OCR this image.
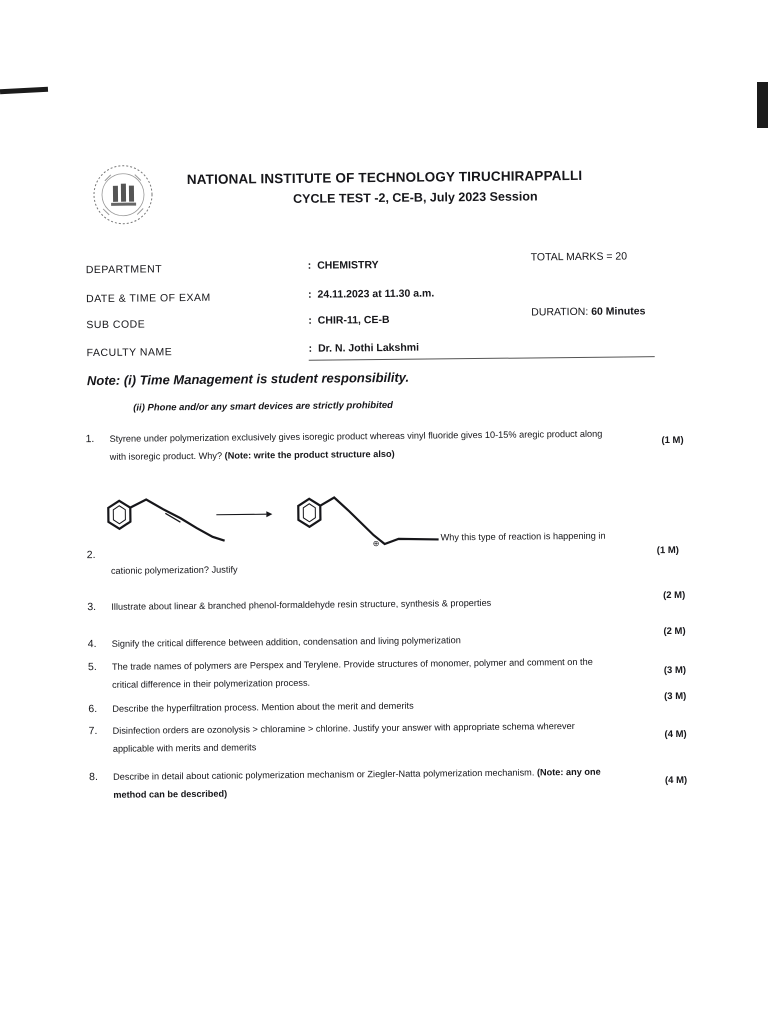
NATIONAL INSTITUTE OF TECHNOLOGY TIRUCHIRAPPALLI
CYCLE TEST -2, CE-B, July 2023 Session
DEPARTMENT	: CHEMISTRY
TOTAL MARKS = 20
DATE & TIME OF EXAM	: 24.11.2023 at 11.30 a.m.
SUB CODE	: CHIR-11, CE-B
DURATION: 60 Minutes
FACULTY NAME	: Dr. N. Jothi Lakshmi
Note: (i) Time Management is student responsibility.
(ii) Phone and/or any smart devices are strictly prohibited
1. Styrene under polymerization exclusively gives isoregic product whereas vinyl fluoride gives 10-15% aregic product along with isoregic product. Why? (Note: write the product structure also)
(1 M)
⊕
Why this type of reaction is happening in
2.	(1 M)
cationic polymerization? Justify
3. Illustrate about linear & branched phenol-formaldehyde resin structure, synthesis & properties
(2 M)
4. Signify the critical difference between addition, condensation and living polymerization
(2 M)
5. The trade names of polymers are Perspex and Terylene. Provide structures of monomer, polymer and comment on the critical difference in their polymerization process.
(3 M)
6. Describe the hyperfiltration process. Mention about the merit and demerits
(3 M)
7. Disinfection orders are ozonolysis > chloramine > chlorine. Justify your answer with appropriate schema wherever applicable with merits and demerits
(4 M)
8. Describe in detail about cationic polymerization mechanism or Ziegler-Natta polymerization mechanism. (Note: any one method can be described)
(4 M)
